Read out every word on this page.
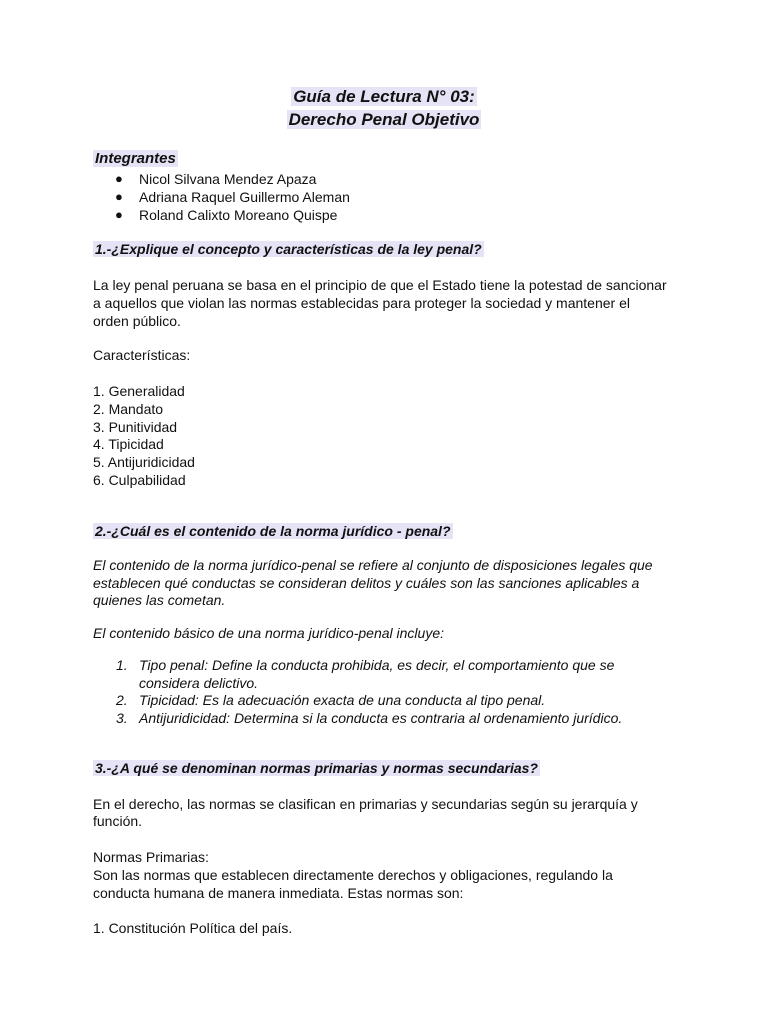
Guía de Lectura N° 03:
Derecho Penal Objetivo
Integrantes
● Nicol Silvana Mendez Apaza
● Adriana Raquel Guillermo Aleman
● Roland Calixto Moreano Quispe
1.-¿Explique el concepto y características de la ley penal?
La ley penal peruana se basa en el principio de que el Estado tiene la potestad de sancionar
a aquellos que violan las normas establecidas para proteger la sociedad y mantener el
orden público.
Características:
1. Generalidad
2. Mandato
3. Punitividad
4. Tipicidad
5. Antijuridicidad
6. Culpabilidad
2.-¿Cuál es el contenido de la norma jurídico - penal?
El contenido de la norma jurídico-penal se refiere al conjunto de disposiciones legales que
establecen qué conductas se consideran delitos y cuáles son las sanciones aplicables a
quienes las cometan.
El contenido básico de una norma jurídico-penal incluye:
1. Tipo penal: Define la conducta prohibida, es decir, el comportamiento que se
considera delictivo.
2. Tipicidad: Es la adecuación exacta de una conducta al tipo penal.
3. Antijuridicidad: Determina si la conducta es contraria al ordenamiento jurídico.
3.-¿A qué se denominan normas primarias y normas secundarias?
En el derecho, las normas se clasifican en primarias y secundarias según su jerarquía y
función.
Normas Primarias:
Son las normas que establecen directamente derechos y obligaciones, regulando la
conducta humana de manera inmediata. Estas normas son:
1. Constitución Política del país.
